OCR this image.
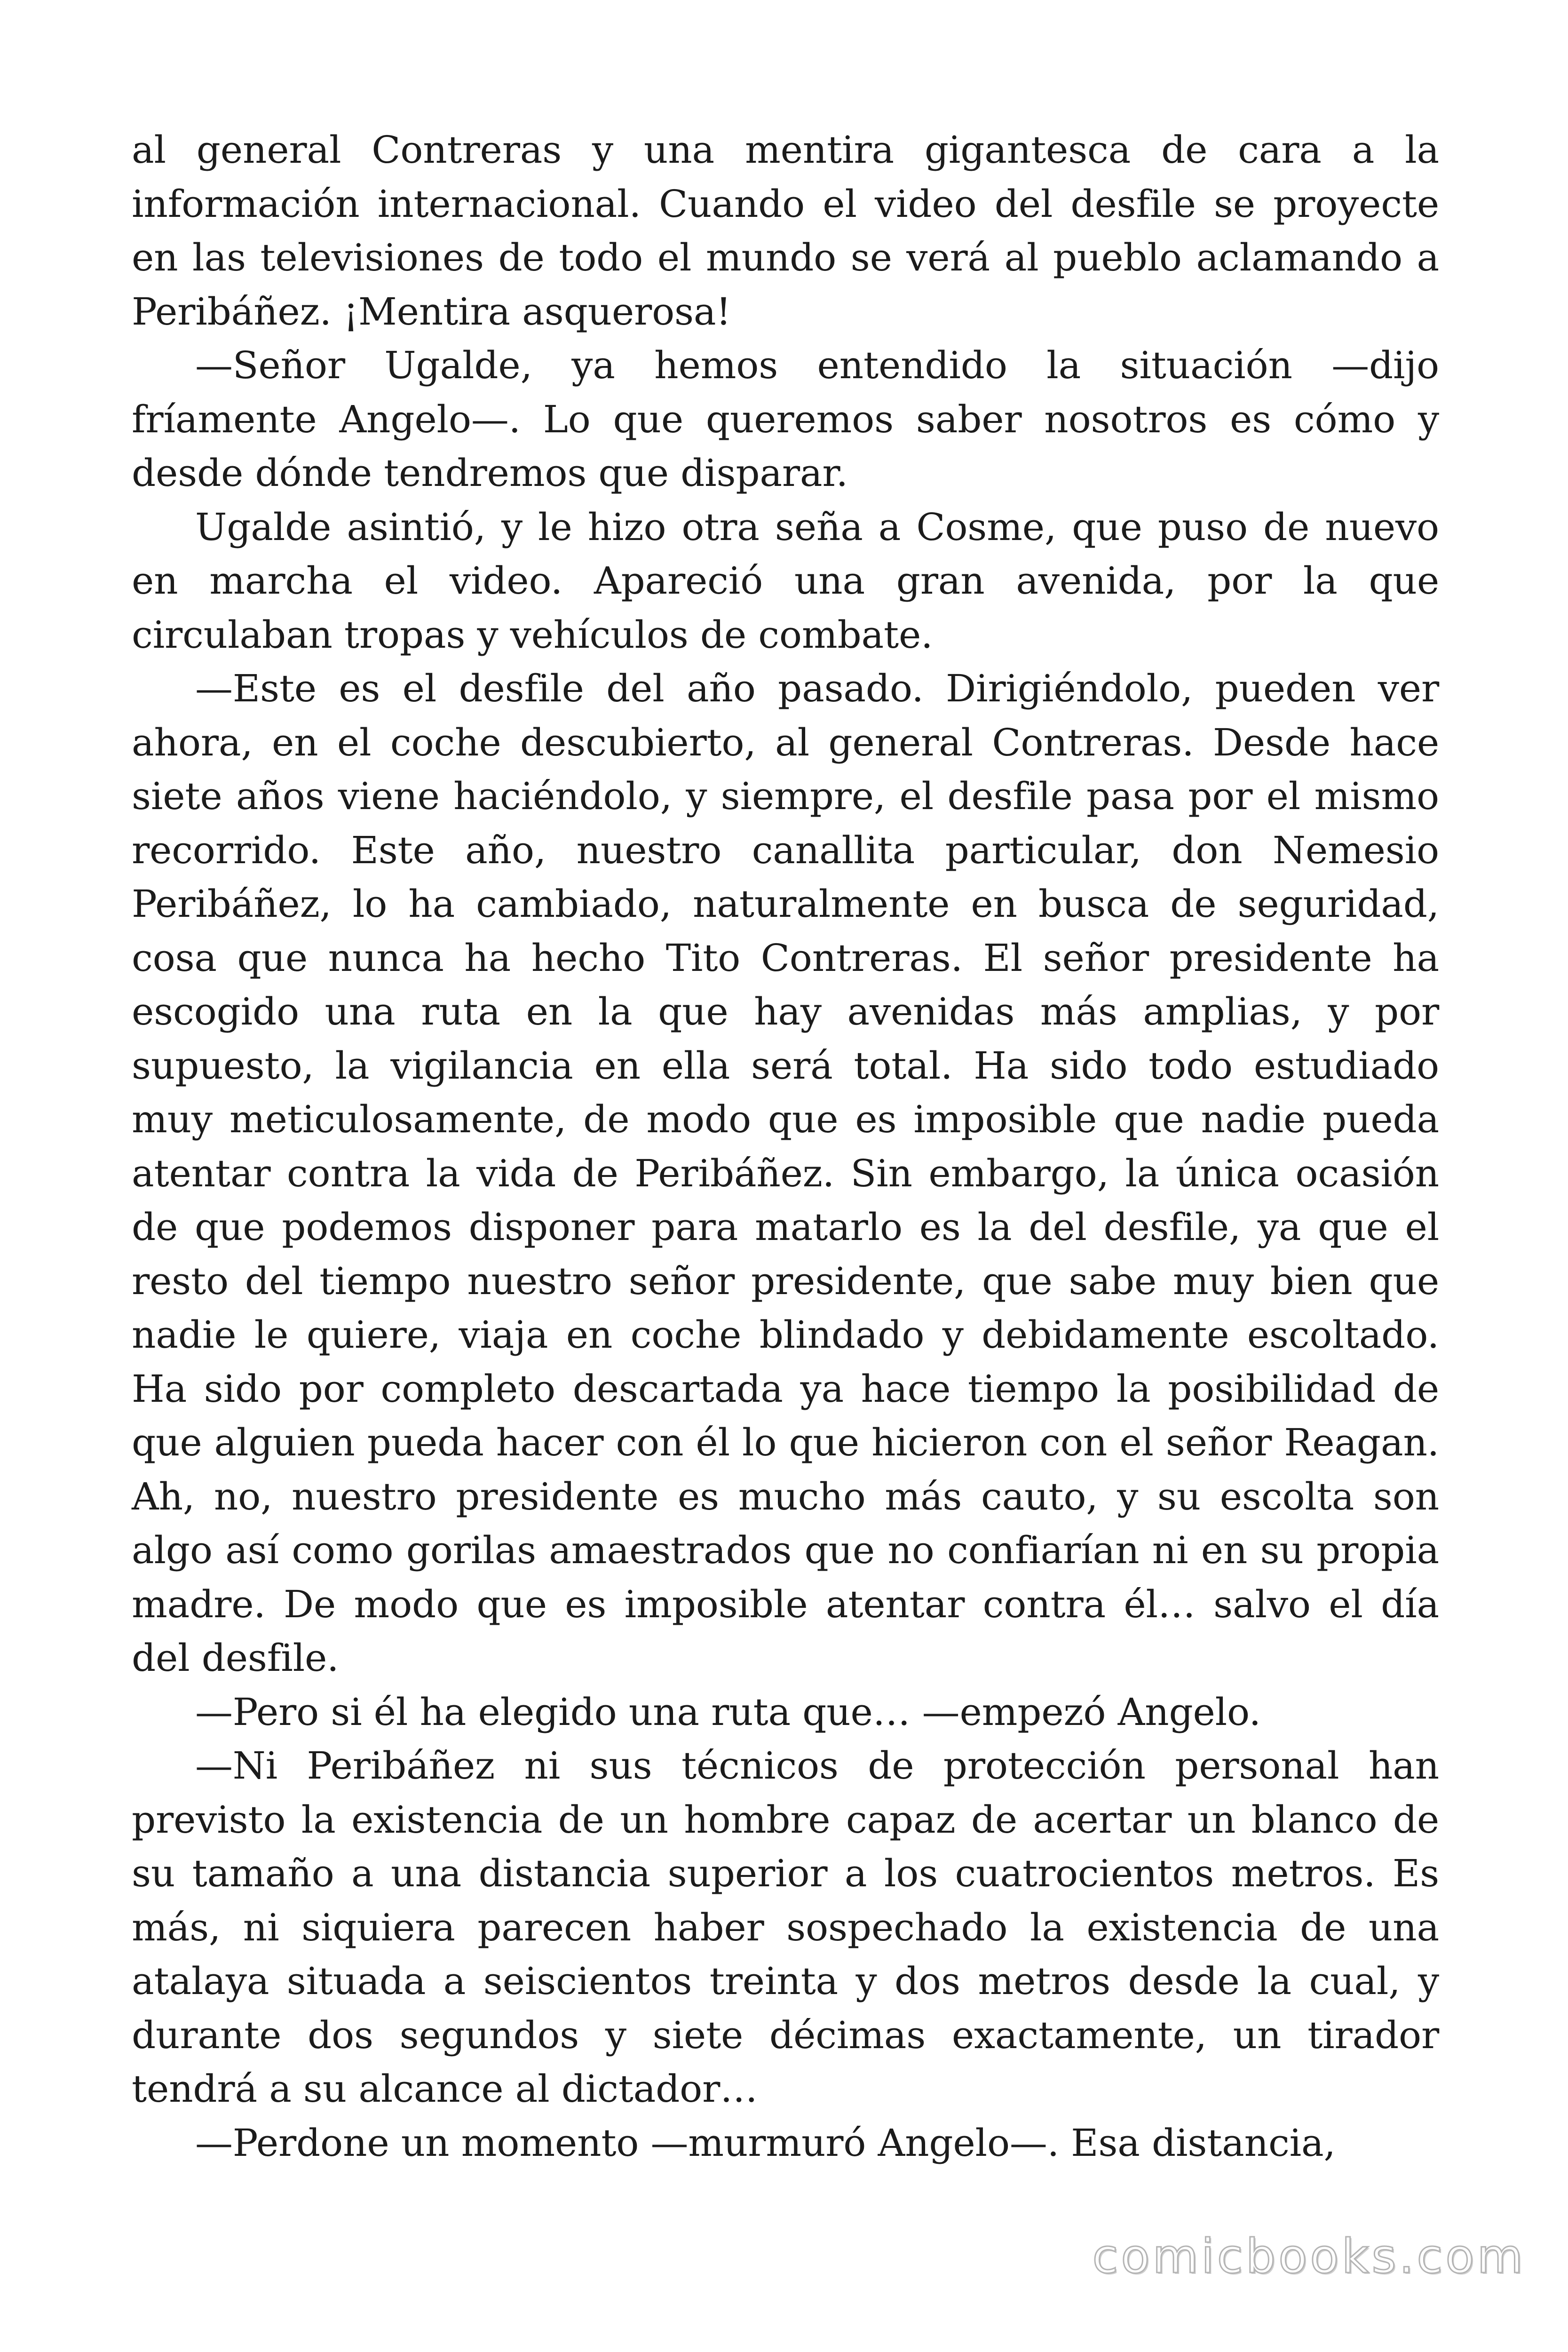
al general Contreras y una mentira gigantesca de cara a la información internacional. Cuando el video del desfile se proyecte en las televisiones de todo el mundo se verá al pueblo aclamando a Peribáñez. ¡Mentira asquerosa!

—Señor Ugalde, ya hemos entendido la situación —dijo fríamente Angelo—. Lo que queremos saber nosotros es cómo y desde dónde tendremos que disparar.

Ugalde asintió, y le hizo otra seña a Cosme, que puso de nuevo en marcha el video. Apareció una gran avenida, por la que circulaban tropas y vehículos de combate.

—Este es el desfile del año pasado. Dirigiéndolo, pueden ver ahora, en el coche descubierto, al general Contreras. Desde hace siete años viene haciéndolo, y siempre, el desfile pasa por el mismo recorrido. Este año, nuestro canallita particular, don Nemesio Peribáñez, lo ha cambiado, naturalmente en busca de seguridad, cosa que nunca ha hecho Tito Contreras. El señor presidente ha escogido una ruta en la que hay avenidas más amplias, y por supuesto, la vigilancia en ella será total. Ha sido todo estudiado muy meticulosamente, de modo que es imposible que nadie pueda atentar contra la vida de Peribáñez. Sin embargo, la única ocasión de que podemos disponer para matarlo es la del desfile, ya que el resto del tiempo nuestro señor presidente, que sabe muy bien que nadie le quiere, viaja en coche blindado y debidamente escoltado. Ha sido por completo descartada ya hace tiempo la posibilidad de que alguien pueda hacer con él lo que hicieron con el señor Reagan. Ah, no, nuestro presidente es mucho más cauto, y su escolta son algo así como gorilas amaestrados que no confiarían ni en su propia madre. De modo que es imposible atentar contra él… salvo el día del desfile.

—Pero si él ha elegido una ruta que… —empezó Angelo.

—Ni Peribáñez ni sus técnicos de protección personal han previsto la existencia de un hombre capaz de acertar un blanco de su tamaño a una distancia superior a los cuatrocientos metros. Es más, ni siquiera parecen haber sospechado la existencia de una atalaya situada a seiscientos treinta y dos metros desde la cual, y durante dos segundos y siete décimas exactamente, un tirador tendrá a su alcance al dictador…

—Perdone un momento —murmuró Angelo—. Esa distancia,

comicbooks.com
